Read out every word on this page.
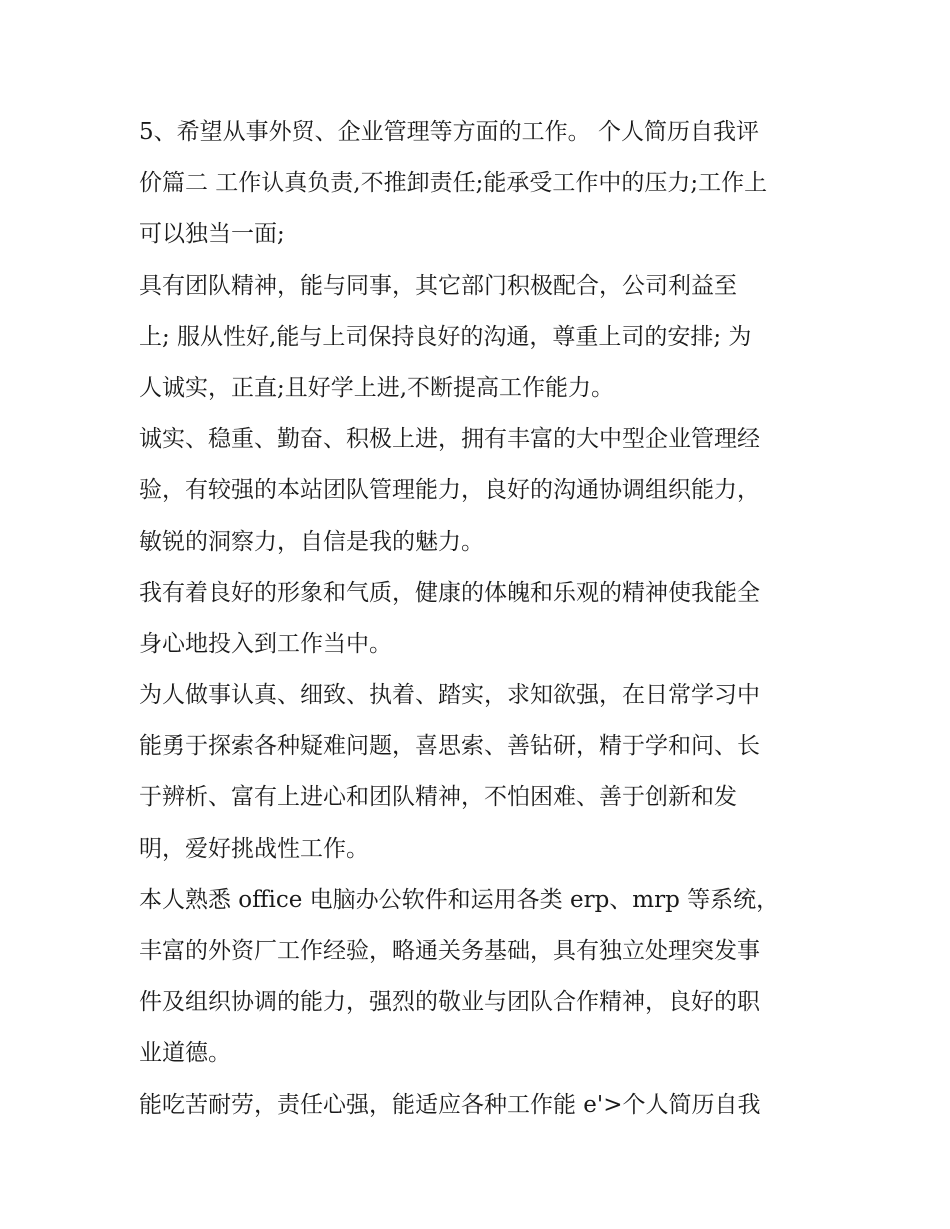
5、希望从事外贸、企业管理等方面的工作。 个人简历自我评
价篇二 工作认真负责,不推卸责任;能承受工作中的压力;工作上
可以独当一面;
具有团队精神，能与同事，其它部门积极配合，公司利益至
上; 服从性好,能与上司保持良好的沟通，尊重上司的安排; 为
人诚实，正直;且好学上进,不断提高工作能力。
诚实、稳重、勤奋、积极上进，拥有丰富的大中型企业管理经
验，有较强的本站团队管理能力，良好的沟通协调组织能力，
敏锐的洞察力，自信是我的魅力。
我有着良好的形象和气质，健康的体魄和乐观的精神使我能全
身心地投入到工作当中。
为人做事认真、细致、执着、踏实，求知欲强，在日常学习中
能勇于探索各种疑难问题，喜思索、善钻研，精于学和问、长
于辨析、富有上进心和团队精神，不怕困难、善于创新和发
明，爱好挑战性工作。
本人熟悉 office 电脑办公软件和运用各类 erp、mrp 等系统，
丰富的外资厂工作经验，略通关务基础，具有独立处理突发事
件及组织协调的能力，强烈的敬业与团队合作精神，良好的职
业道德。
能吃苦耐劳，责任心强，能适应各种工作能 e'>个人简历自我
